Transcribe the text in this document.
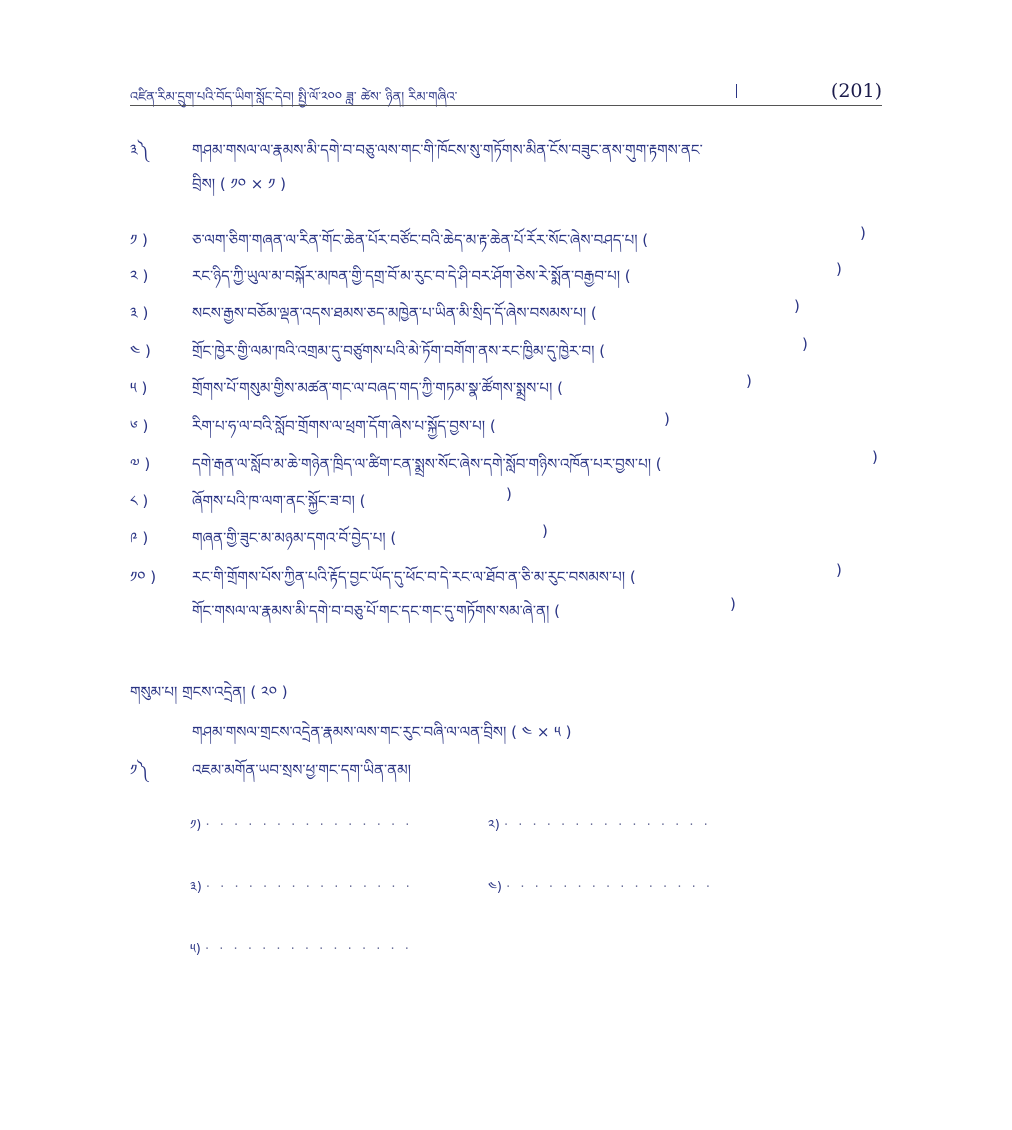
འཛིན་རིམ་དྲུག་པའི་བོད་ཡིག་སློང་དེབ། སྤྱི་ལོ་༢༠༠ ཟླ་ ཚེས་ ཉིན། རིམ་གཞིའ་	(201)
༣༽	གཤམ་གསལ་ལ་རྣམས་མི་དགེ་བ་བཅུ་ལས་གང་གི་ཁོངས་སུ་གཏོགས་མིན་ངོས་བཟུང་ནས་གུག་རྟགས་ནང་
བྲིས། ( ༡༠ × ༡ )
༡ )	ཅ་ལག་ཅིག་གཞན་ལ་རིན་གོང་ཆེན་པོར་བཙོང་བའི་ཆེད་མ་རྟ་ཆེན་པོ་རོར་སོང་ཞེས་བཤད་པ། (	)
༢ )	རང་ཉིད་ཀྱི་ཡུལ་མ་བསྐོར་མཁན་གྱི་དགྲ་བོ་མ་རུང་བ་དེ་ཤི་བར་ཤོག་ཅེས་རེ་སྨོན་བརྒྱབ་པ། (	)
༣ )	སངས་རྒྱས་བཅོམ་ལྡན་འདས་ཐམས་ཅད་མཁྱེན་པ་ཡིན་མི་སྲིད་དོ་ཞེས་བསམས་པ། (	)
༤ )	གྲོང་ཁྱེར་གྱི་ལམ་ཁའི་འགྲམ་དུ་བཙུགས་པའི་མེ་ཏོག་བགོག་ནས་རང་ཁྱིམ་དུ་ཁྱེར་བ། (	)
༥ )	གྲོགས་པོ་གསུམ་གྱིས་མཚན་གང་ལ་བཞད་གད་ཀྱི་གཏམ་སྣ་ཚོགས་སྨྲས་པ། (	)
༦ )	རིག་པ་ཧ་ལ་བའི་སློབ་གྲོགས་ལ་ཕྲག་དོག་ཞེས་པ་སྐྱོད་བྱས་པ། (	)
༧ )	དགེ་རྒན་ལ་སློབ་མ་ཆེ་གཉེན་ཁྲིད་ལ་ཚིག་ངན་སྨྲས་སོང་ཞེས་དགེ་སློབ་གཉིས་འཁོན་པར་བྱས་པ། (	)
༨ )	ཞོགས་པའི་ཁ་ལག་ནང་སྐྱོང་ཟ་བ། (	)
༩ )	གཞན་གྱི་ཟུང་མ་མཉམ་དགའ་བོ་བྱེད་པ། (	)
༡༠ ) རང་གི་གྲོགས་པོས་ཀྱིན་པའི་རྟོད་བྱང་ཡོད་དུ་ཕོང་བ་དེ་རང་ལ་ཐོབ་ན་ཅི་མ་རུང་བསམས་པ། (	)
གོང་གསལ་ལ་རྣམས་མི་དགེ་བ་བཅུ་པོ་གང་དང་གང་དུ་གཏོགས་སམ་ཞེ་ན། (	)
གསུམ་པ། གྲངས་འདྲེན། ( ༢༠ )
གཤམ་གསལ་གྲངས་འདྲེན་རྣམས་ལས་གང་རུང་བཞི་ལ་ལན་བྲིས། ( ༤ × ༥ )
༡༽	འཇམ་མགོན་ཡབ་སྲས་ཕྱ་གང་དག་ཡིན་ནམ།
༡) · · · · · · · · · · · · · · ·	༢) · · · · · · · · · · · · · · ·
༣) · · · · · · · · · · · · · · ·	༤) · · · · · · · · · · · · · · ·
༥) · · · · · · · · · · · · · · ·
